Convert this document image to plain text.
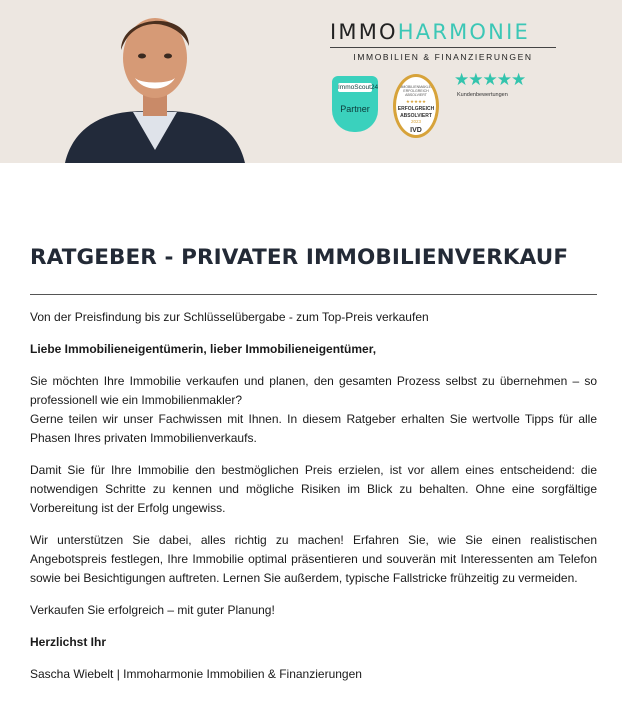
IMMOHARMONIE
IMMOBILIEN & FINANZIERUNGEN
ImmoScout24
Partner
IMMOBILIENMAKLER ERFOLGREICH ABSOLVIERT
★★★★★
ERFOLGREICH
ABSOLVIERT
2023
IVD
★★★★★
Kundenbewertungen
RATGEBER - PRIVATER IMMOBILIENVERKAUF

Von der Preisfindung bis zur Schlüsselübergabe - zum Top-Preis verkaufen

Liebe Immobilieneigentümerin, lieber Immobilieneigentümer,

Sie möchten Ihre Immobilie verkaufen und planen, den gesamten Prozess selbst zu übernehmen – so professionell wie ein Immobilienmakler?
Gerne teilen wir unser Fachwissen mit Ihnen. In diesem Ratgeber erhalten Sie wertvolle Tipps für alle Phasen Ihres privaten Immobilienverkaufs.

Damit Sie für Ihre Immobilie den bestmöglichen Preis erzielen, ist vor allem eines entscheidend: die notwendigen Schritte zu kennen und mögliche Risiken im Blick zu behalten. Ohne eine sorgfältige Vorbereitung ist der Erfolg ungewiss.

Wir unterstützen Sie dabei, alles richtig zu machen! Erfahren Sie, wie Sie einen realistischen Angebotspreis festlegen, Ihre Immobilie optimal präsentieren und souverän mit Interessenten am Telefon sowie bei Besichtigungen auftreten. Lernen Sie außerdem, typische Fallstricke frühzeitig zu vermeiden.

Verkaufen Sie erfolgreich – mit guter Planung!

Herzlichst Ihr

Sascha Wiebelt | Immoharmonie Immobilien & Finanzierungen
